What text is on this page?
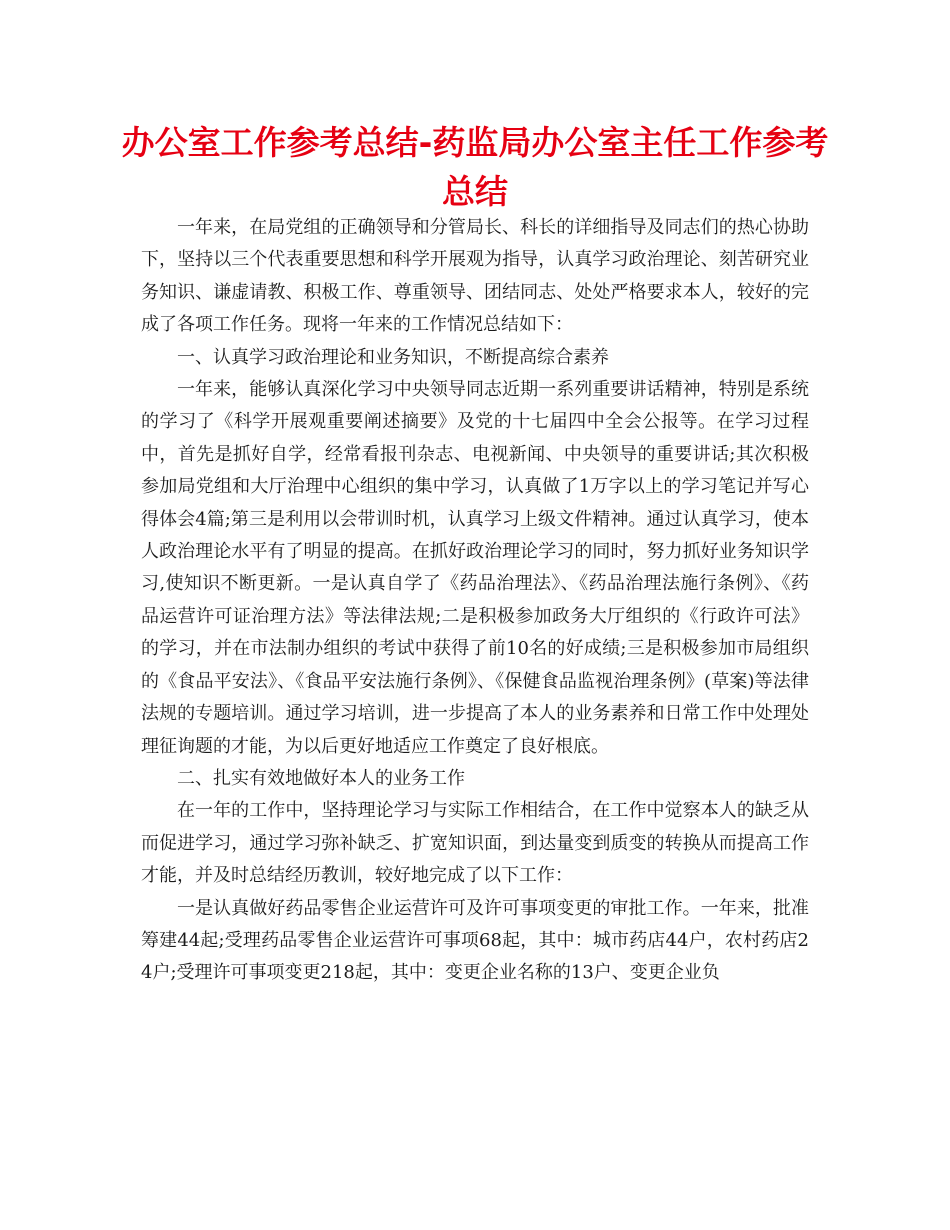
办公室工作参考总结-药监局办公室主任工作参考总结

一年来，在局党组的正确领导和分管局长、科长的详细指导及同志们的热心协助下，坚持以三个代表重要思想和科学开展观为指导，认真学习政治理论、刻苦研究业务知识、谦虚请教、积极工作、尊重领导、团结同志、处处严格要求本人，较好的完成了各项工作任务。现将一年来的工作情况总结如下：

一、认真学习政治理论和业务知识，不断提高综合素养

一年来，能够认真深化学习中央领导同志近期一系列重要讲话精神，特别是系统的学习了《科学开展观重要阐述摘要》及党的十七届四中全会公报等。在学习过程中，首先是抓好自学，经常看报刊杂志、电视新闻、中央领导的重要讲话;其次积极参加局党组和大厅治理中心组织的集中学习，认真做了1万字以上的学习笔记并写心得体会4篇;第三是利用以会带训时机，认真学习上级文件精神。通过认真学习，使本人政治理论水平有了明显的提高。在抓好政治理论学习的同时，努力抓好业务知识学习,使知识不断更新。一是认真自学了《药品治理法》、《药品治理法施行条例》、《药品运营许可证治理方法》等法律法规;二是积极参加政务大厅组织的《行政许可法》的学习，并在市法制办组织的考试中获得了前10名的好成绩;三是积极参加市局组织的《食品平安法》、《食品平安法施行条例》、《保健食品监视治理条例》(草案)等法律法规的专题培训。通过学习培训，进一步提高了本人的业务素养和日常工作中处理处理征询题的才能，为以后更好地适应工作奠定了良好根底。

二、扎实有效地做好本人的业务工作

在一年的工作中，坚持理论学习与实际工作相结合，在工作中觉察本人的缺乏从而促进学习，通过学习弥补缺乏、扩宽知识面，到达量变到质变的转换从而提高工作才能，并及时总结经历教训，较好地完成了以下工作：

一是认真做好药品零售企业运营许可及许可事项变更的审批工作。一年来，批准筹建44起;受理药品零售企业运营许可事项68起，其中：城市药店44户，农村药店24户;受理许可事项变更218起，其中：变更企业名称的13户、变更企业负
